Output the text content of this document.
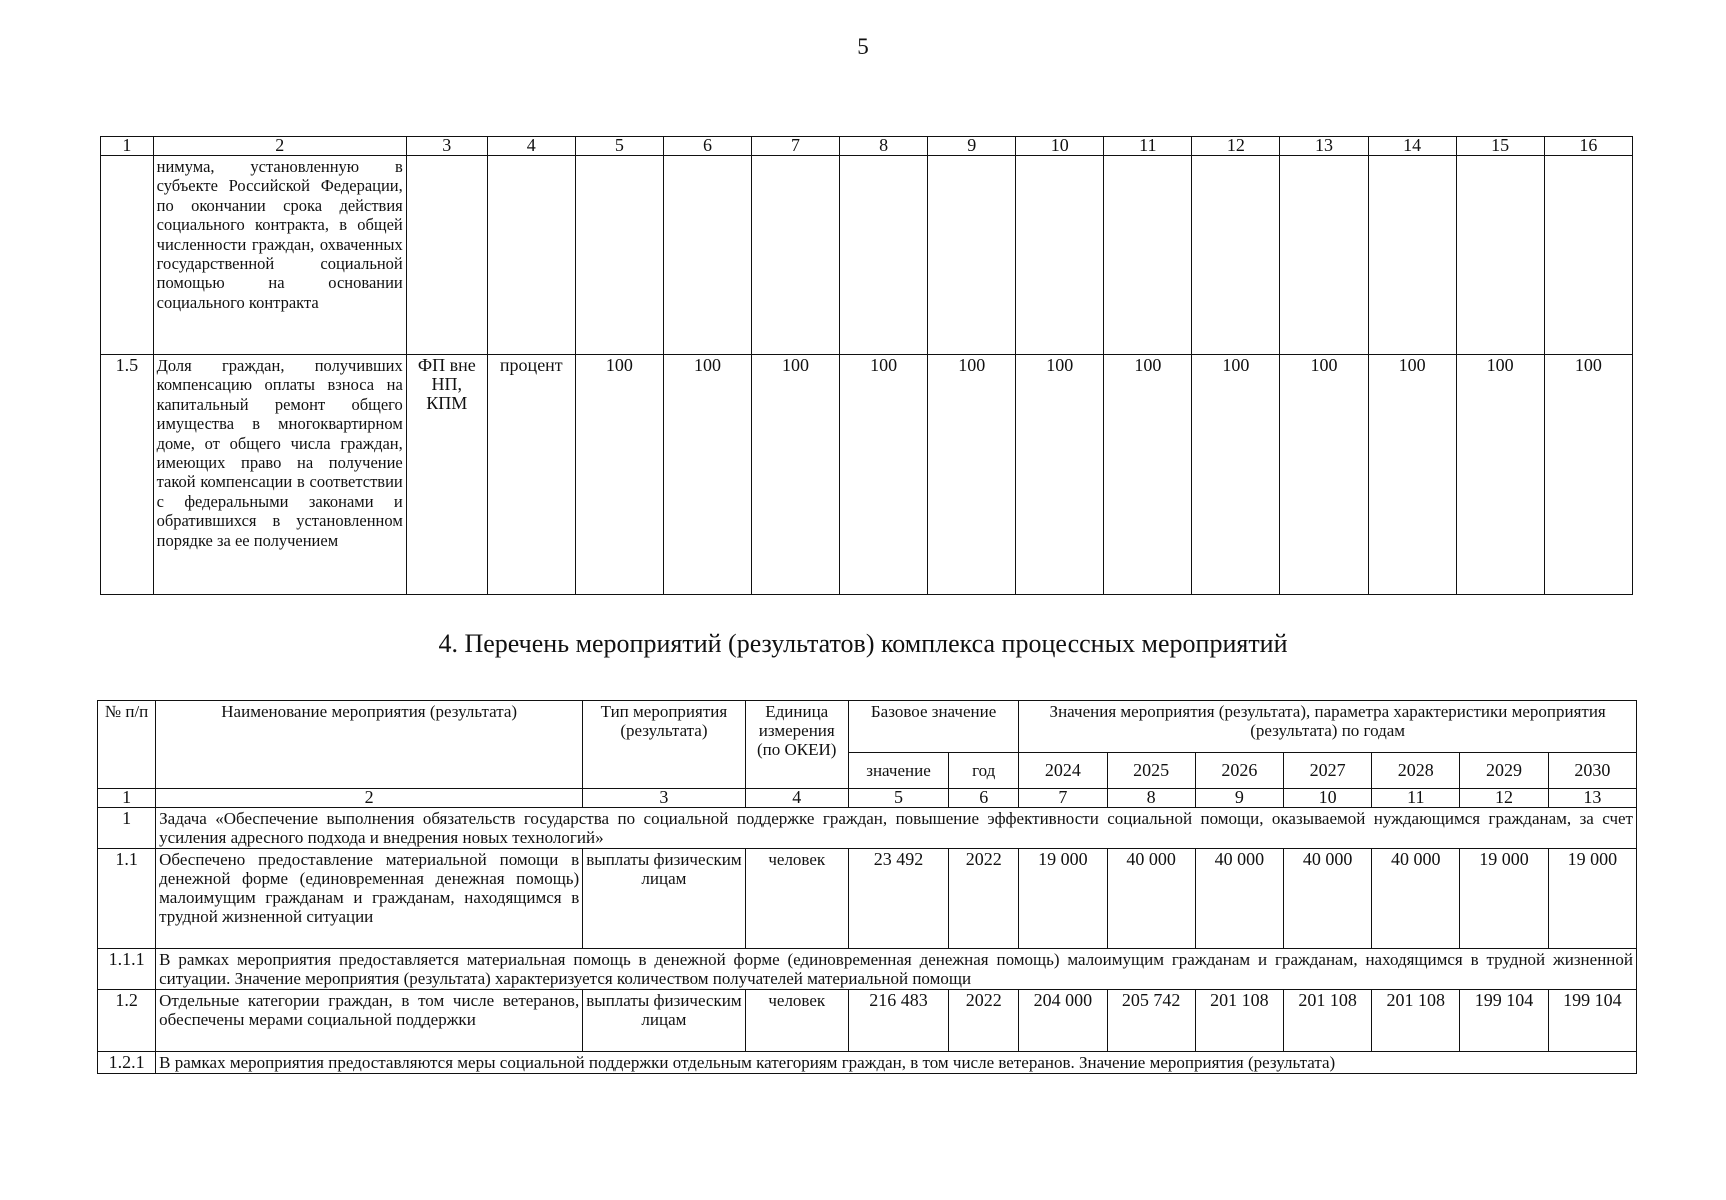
5
1	2	3	4	5	6	7	8	9	10	11	12	13	14	15	16
	нимума, установленную в субъекте Российской Федерации, по окончании срока действия социального контракта, в общей численности граждан, охваченных государственной социальной помощью на основании социального контракта														
1.5	Доля граждан, получивших компенсацию оплаты взноса на капитальный ремонт общего имущества в многоквартирном доме, от общего числа граждан, имеющих право на получение такой компенсации в соответствии с федеральными законами и обратившихся в установленном порядке за ее получением	ФП вне НП, КПМ	процент	100	100	100	100	100	100	100	100	100	100	100	100
4. Перечень мероприятий (результатов) комплекса процессных мероприятий
№ п/п	Наименование мероприятия (результата)	Тип мероприятия (результата)	Единица измерения (по ОКЕИ)	Базовое значение		Значения мероприятия (результата), параметра характеристики мероприятия (результата) по годам						
				значение	год	2024	2025	2026	2027	2028	2029	2030
1	2	3	4	5	6	7	8	9	10	11	12	13
1	Задача «Обеспечение выполнения обязательств государства по социальной поддержке граждан, повышение эффективности социальной помощи, оказываемой нуждающимся гражданам, за счет усиления адресного подхода и внедрения новых технологий»											
1.1	Обеспечено предоставление материальной помощи в денежной форме (единовременная денежная помощь) малоимущим гражданам и гражданам, находящимся в трудной жизненной ситуации	выплаты физическим лицам	человек	23 492	2022	19 000	40 000	40 000	40 000	40 000	19 000	19 000
1.1.1	В рамках мероприятия предоставляется материальная помощь в денежной форме (единовременная денежная помощь) малоимущим гражданам и гражданам, находящимся в трудной жизненной ситуации. Значение мероприятия (результата) характеризуется количеством получателей материальной помощи											
1.2	Отдельные категории граждан, в том числе ветеранов, обеспечены мерами социальной поддержки	выплаты физическим лицам	человек	216 483	2022	204 000	205 742	201 108	201 108	201 108	199 104	199 104
1.2.1	В рамках мероприятия предоставляются меры социальной поддержки отдельным категориям граждан, в том числе ветеранов. Значение мероприятия (результата)											
